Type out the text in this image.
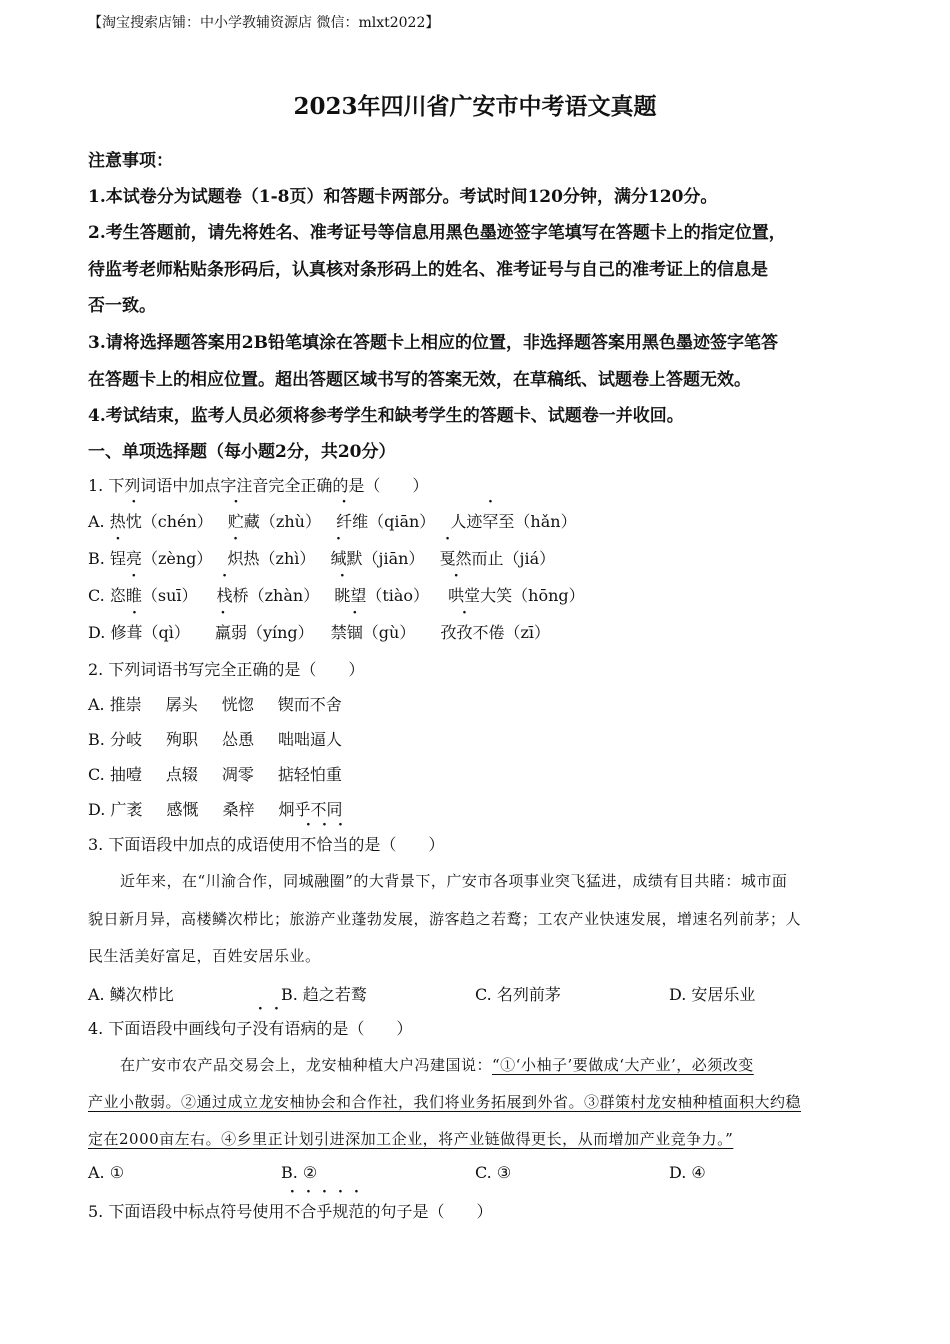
【淘宝搜索店铺：中小学教辅资源店 微信：mlxt2022】
2023年四川省广安市中考语文真题
注意事项：
1.本试卷分为试题卷（1-8页）和答题卡两部分。考试时间120分钟，满分120分。
2.考生答题前，请先将姓名、准考证号等信息用黑色墨迹签字笔填写在答题卡上的指定位置，
待监考老师粘贴条形码后，认真核对条形码上的姓名、准考证号与自己的准考证上的信息是
否一致。
3.请将选择题答案用2B铅笔填涂在答题卡上相应的位置，非选择题答案用黑色墨迹签字笔答
在答题卡上的相应位置。超出答题区域书写的答案无效，在草稿纸、试题卷上答题无效。
4.考试结束，监考人员必须将参考学生和缺考学生的答题卡、试题卷一并收回。
一、单项选择题（每小题2分，共20分）
1. 下列词语中加点字注音完全正确的是（　　）
A. 热忱（chén） 贮藏（zhù） 纤维（qiān） 人迹罕至（hǎn）
B. 锃亮（zèng） 炽热（zhì） 缄默（jiān） 戛然而止（jiá）
C. 恣睢（suī） 栈桥（zhàn） 眺望（tiào） 哄堂大笑（hōng）
D. 修葺（qì） 羸弱（yíng） 禁锢（gù） 孜孜不倦（zī）
2. 下列词语书写完全正确的是（　　）
A. 推崇 孱头 恍惚 锲而不舍
B. 分岐 殉职 怂恿 咄咄逼人
C. 抽噎 点辍 凋零 掂轻怕重
D. 广袤 感慨 桑梓 炯乎不同
3. 下面语段中加点的成语使用不恰当的是（　　）
近年来，在“川渝合作，同城融圈”的大背景下，广安市各项事业突飞猛进，成绩有目共睹：城市面
貌日新月异，高楼鳞次栉比；旅游产业蓬勃发展，游客趋之若鹜；工农产业快速发展，增速名列前茅；人
民生活美好富足，百姓安居乐业。
A. 鳞次栉比	B. 趋之若鹜	C. 名列前茅	D. 安居乐业
4. 下面语段中画线句子没有语病的是（　　）
在广安市农产品交易会上，龙安柚种植大户冯建国说：“①‘小柚子’要做成‘大产业’，必须改变
产业小散弱。②通过成立龙安柚协会和合作社，我们将业务拓展到外省。③群策村龙安柚种植面积大约稳
定在2000亩左右。④乡里正计划引进深加工企业，将产业链做得更长，从而增加产业竞争力。”
A. ①	B. ②	C. ③	D. ④
5. 下面语段中标点符号使用不合乎规范的句子是（　　）
